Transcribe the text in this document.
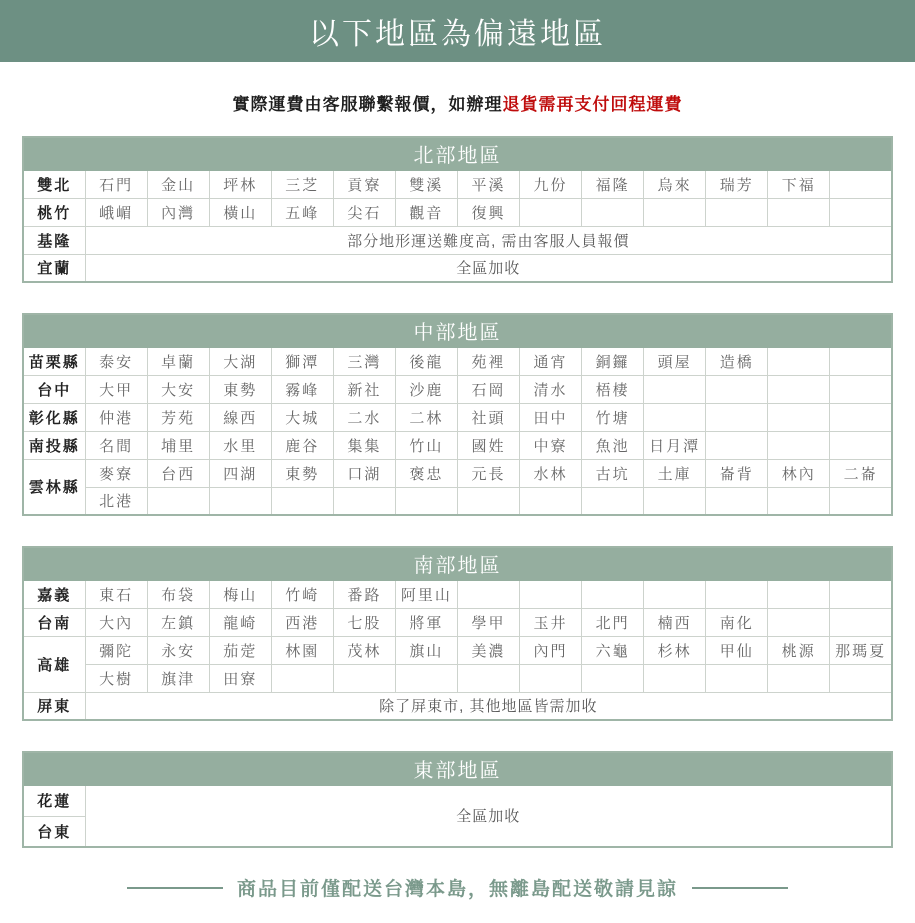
以下地區為偏遠地區

實際運費由客服聯繫報價，如辦理退貨需再支付回程運費

北部地區													
雙北	石門	金山	坪林	三芝	貢寮	雙溪	平溪	九份	福隆	烏來	瑞芳	下福	
桃竹	峨嵋	內灣	橫山	五峰	尖石	觀音	復興						
基隆	部分地形運送難度高, 需由客服人員報價												
宜蘭	全區加收												
中部地區													
苗栗縣	泰安	卓蘭	大湖	獅潭	三灣	後龍	苑裡	通宵	銅鑼	頭屋	造橋		
台中	大甲	大安	東勢	霧峰	新社	沙鹿	石岡	清水	梧棲				
彰化縣	仲港	芳苑	線西	大城	二水	二林	社頭	田中	竹塘				
南投縣	名間	埔里	水里	鹿谷	集集	竹山	國姓	中寮	魚池	日月潭			
雲林縣	麥寮	台西	四湖	東勢	口湖	褒忠	元長	水林	古坑	土庫	崙背	林內	二崙
	北港												
南部地區													
嘉義	東石	布袋	梅山	竹崎	番路	阿里山							
台南	大內	左鎮	龍崎	西港	七股	將軍	學甲	玉井	北門	楠西	南化		
高雄	彌陀	永安	茄萣	林園	茂林	旗山	美濃	內門	六龜	杉林	甲仙	桃源	那瑪夏
	大樹	旗津	田寮										
屏東	除了屏東市, 其他地區皆需加收												
東部地區
花蓮	全區加收
台東
商品目前僅配送台灣本島，無離島配送敬請見諒
